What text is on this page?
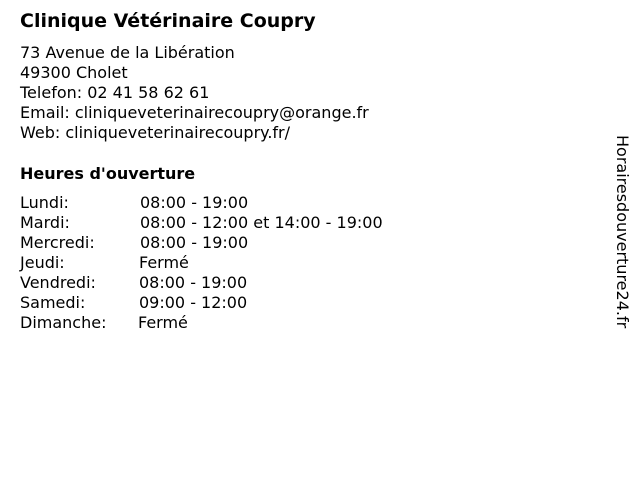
Clinique Vétérinaire Coupry
73 Avenue de la Libération
49300 Cholet
Telefon: 02 41 58 62 61
Email: cliniqueveterinairecoupry@orange.fr
Web: cliniqueveterinairecoupry.fr/
Heures d'ouverture
Lundi:	08:00 - 19:00
Mardi:	08:00 - 12:00 et 14:00 - 19:00
Mercredi:	08:00 - 19:00
Jeudi:	Fermé
Vendredi:	08:00 - 19:00
Samedi:	09:00 - 12:00
Dimanche: Fermé	Horairesdouverture24.fr
